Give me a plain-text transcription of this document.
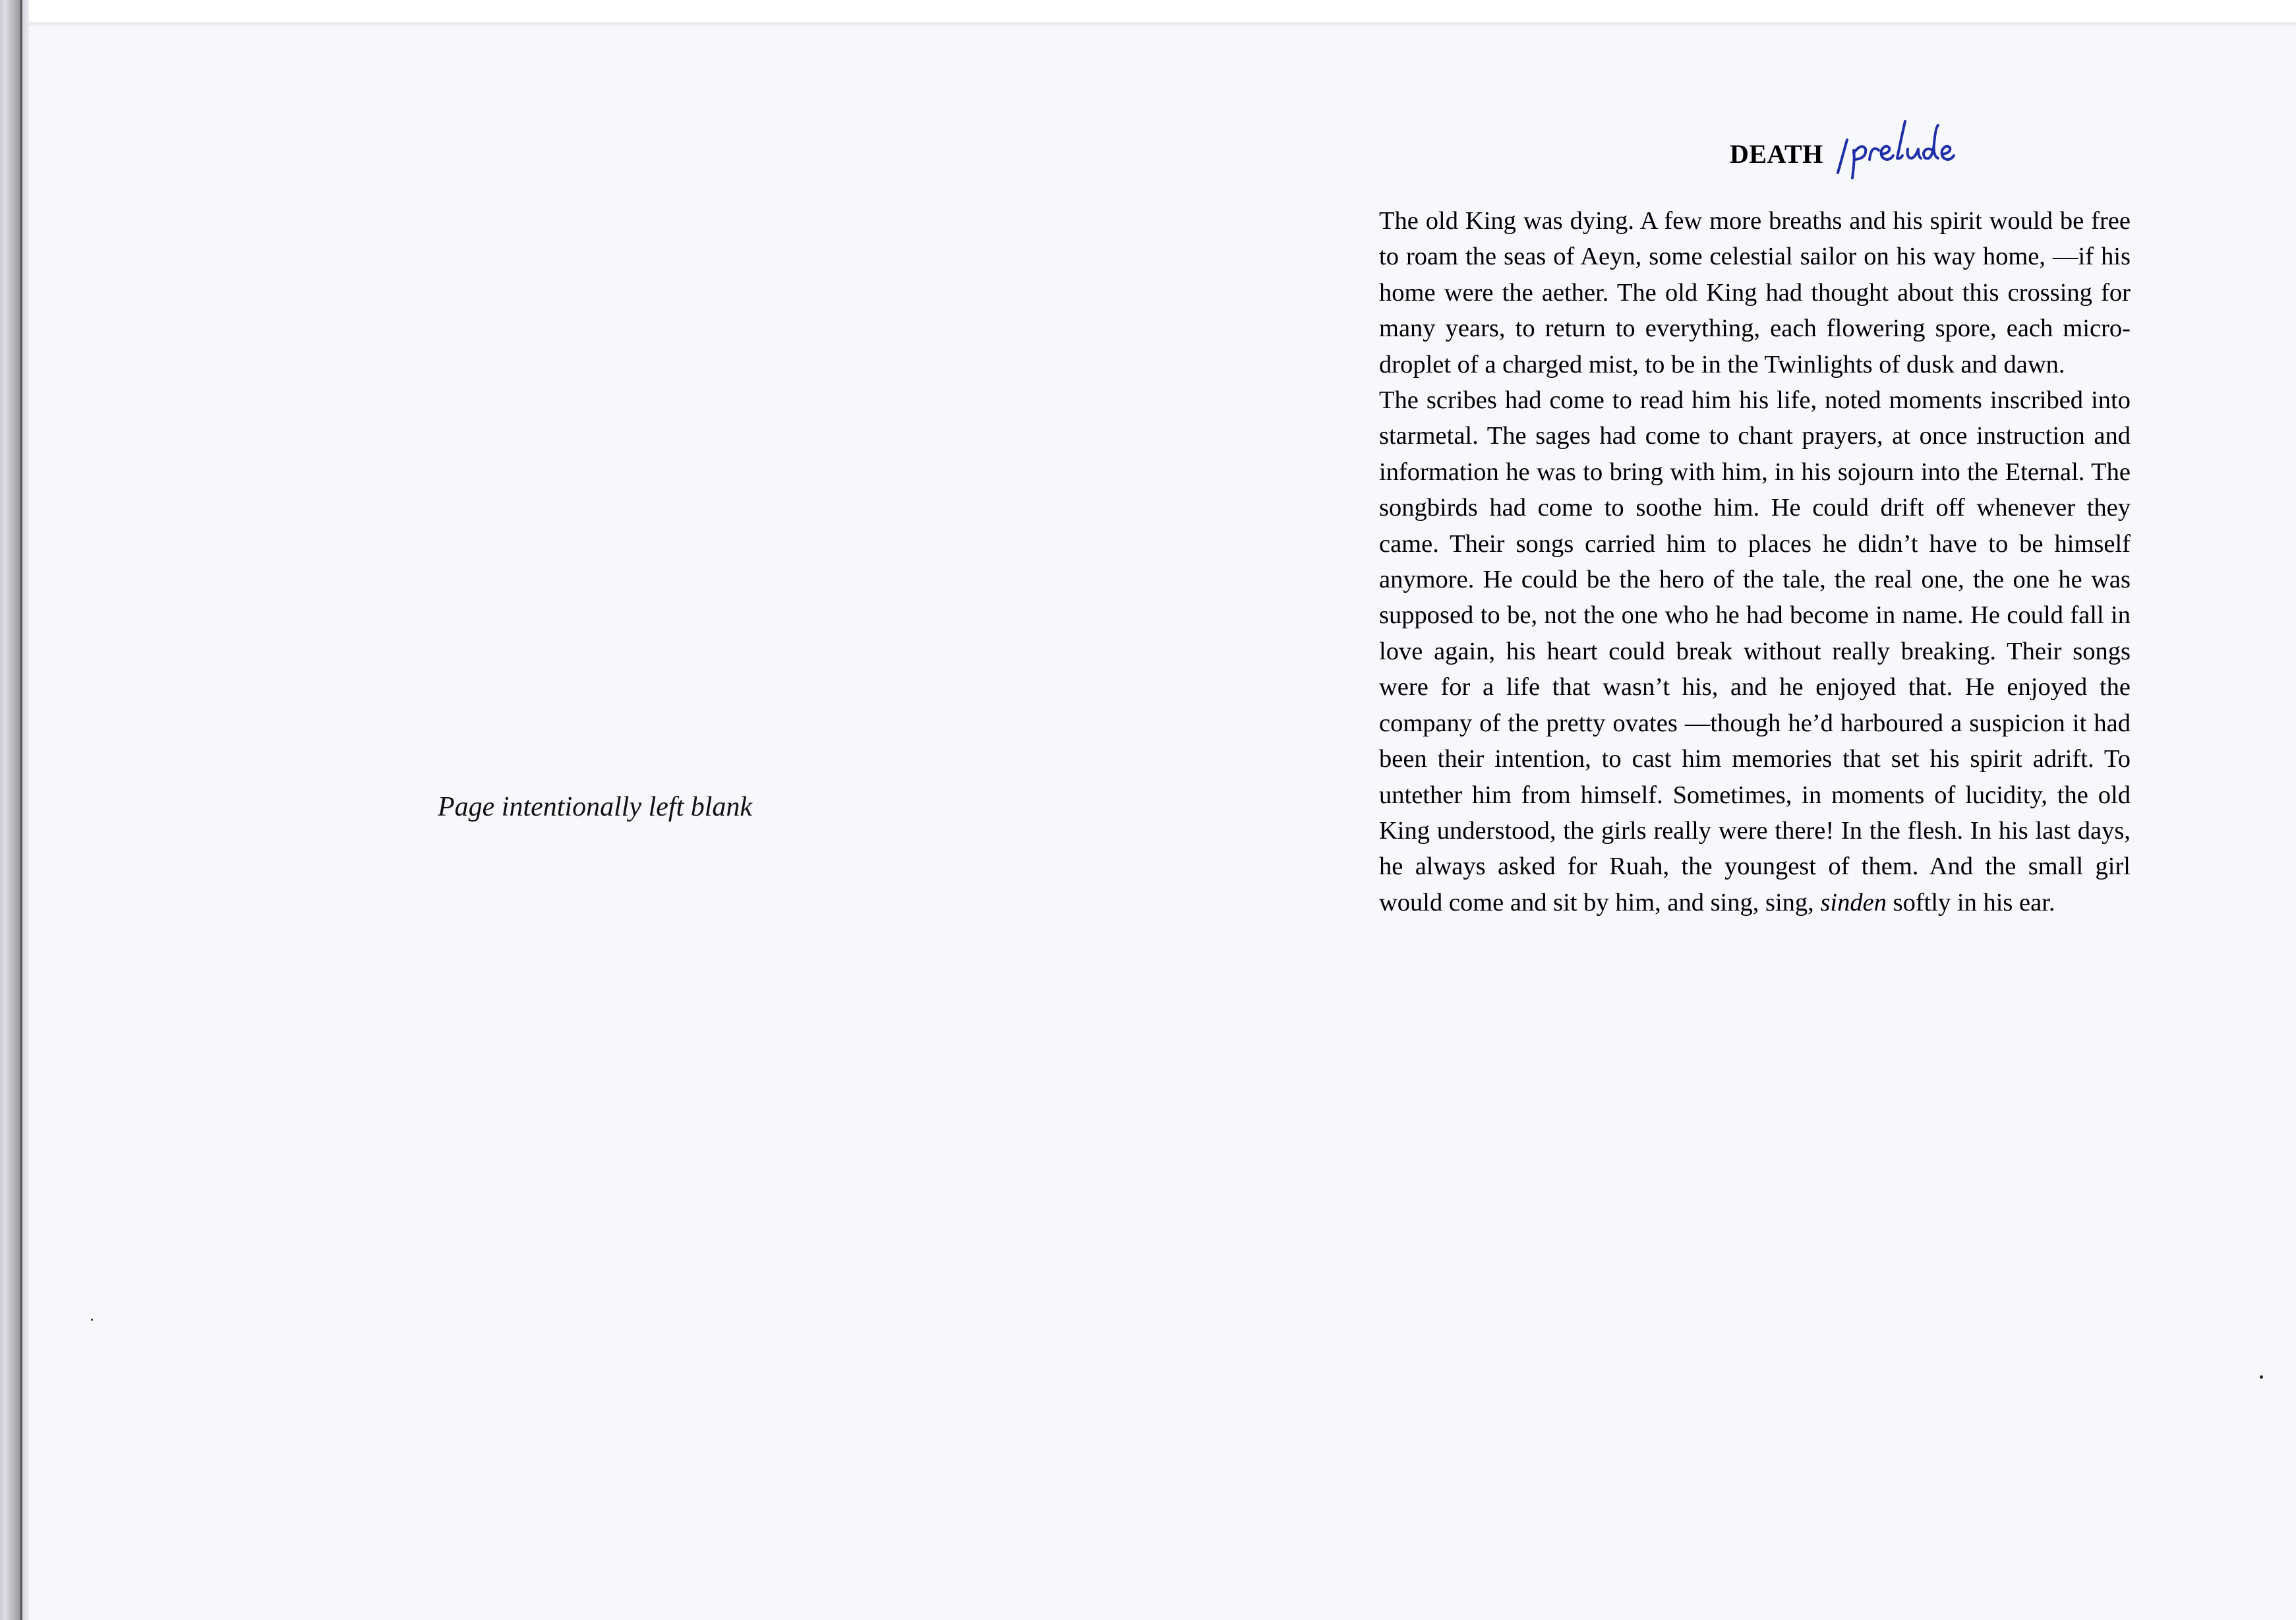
Page intentionally left blank
DEATH

The old King was dying. A few more breaths and his spirit would be free to roam the seas of Aeyn, some celestial sailor on his way home, —if his home were the aether. The old King had thought about this crossing for many years, to return to everything, each flowering spore, each micro-droplet of a charged mist, to be in the Twinlights of dusk and dawn.

The scribes had come to read him his life, noted moments inscribed into starmetal. The sages had come to chant prayers, at once instruction and information he was to bring with him, in his sojourn into the Eternal. The songbirds had come to soothe him. He could drift off whenever they came. Their songs carried him to places he didn’t have to be himself anymore. He could be the hero of the tale, the real one, the one he was supposed to be, not the one who he had become in name. He could fall in love again, his heart could break without really breaking. Their songs were for a life that wasn’t his, and he enjoyed that. He enjoyed the company of the pretty ovates —though he’d harboured a suspicion it had been their intention, to cast him memories that set his spirit adrift. To untether him from himself. Sometimes, in moments of lucidity, the old King understood, the girls really were there! In the flesh. In his last days, he always asked for Ruah, the youngest of them. And the small girl would come and sit by him, and sing, sing, sinden softly in his ear.
